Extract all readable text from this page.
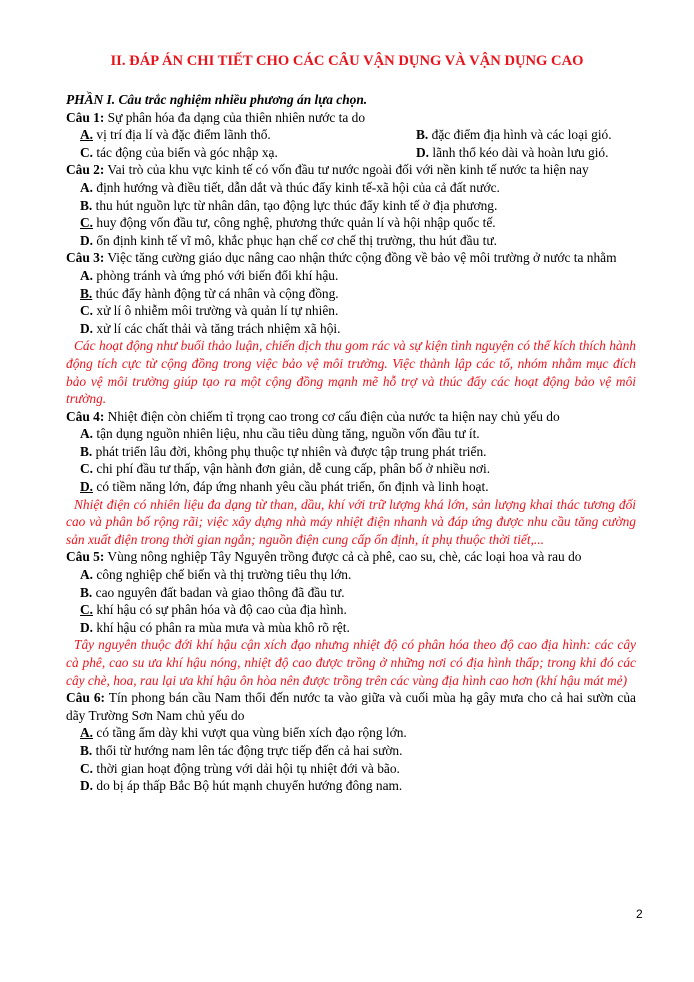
II. ĐÁP ÁN CHI TIẾT CHO CÁC CÂU VẬN DỤNG VÀ VẬN DỤNG CAO

PHẦN I. Câu trắc nghiệm nhiều phương án lựa chọn.

Câu 1: Sự phân hóa đa dạng của thiên nhiên nước ta do

A. vị trí địa lí và đặc điểm lãnh thổ.	B. đặc điểm địa hình và các loại gió.
C. tác động của biển và góc nhập xạ.	D. lãnh thổ kéo dài và hoàn lưu gió.

Câu 2: Vai trò của khu vực kinh tế có vốn đầu tư nước ngoài đối với nền kinh tế nước ta hiện nay

A. định hướng và điều tiết, dẫn dắt và thúc đẩy kinh tế-xã hội của cả đất nước.
B. thu hút nguồn lực từ nhân dân, tạo động lực thúc đẩy kinh tế ở địa phương.
C. huy động vốn đầu tư, công nghệ, phương thức quản lí và hội nhập quốc tế.
D. ổn định kinh tế vĩ mô, khắc phục hạn chế cơ chế thị trường, thu hút đầu tư.

Câu 3: Việc tăng cường giáo dục nâng cao nhận thức cộng đồng về bảo vệ môi trường ở nước ta nhằm

A. phòng tránh và ứng phó với biến đổi khí hậu.
B. thúc đẩy hành động từ cá nhân và cộng đồng.
C. xử lí ô nhiễm môi trường và quản lí tự nhiên.
D. xử lí các chất thải và tăng trách nhiệm xã hội.

Các hoạt động như buổi thảo luận, chiến dịch thu gom rác và sự kiện tình nguyện có thể kích thích hành động tích cực từ cộng đồng trong việc bảo vệ môi trường. Việc thành lập các tổ, nhóm nhằm mục đích bảo vệ môi trường giúp tạo ra một cộng đồng mạnh mẽ hỗ trợ và thúc đẩy các hoạt động bảo vệ môi trường.

Câu 4: Nhiệt điện còn chiếm tỉ trọng cao trong cơ cấu điện của nước ta hiện nay chủ yếu do

A. tận dụng nguồn nhiên liệu, nhu cầu tiêu dùng tăng, nguồn vốn đầu tư ít.
B. phát triển lâu đời, không phụ thuộc tự nhiên và được tập trung phát triển.
C. chi phí đầu tư thấp, vận hành đơn giản, dễ cung cấp, phân bố ở nhiều nơi.
D. có tiềm năng lớn, đáp ứng nhanh yêu cầu phát triển, ổn định và linh hoạt.

Nhiệt điện có nhiên liệu đa dạng từ than, dầu, khí với trữ lượng khá lớn, sản lượng khai thác tương đối cao và phân bố rộng rãi; việc xây dựng nhà máy nhiệt điện nhanh và đáp ứng được nhu cầu tăng cường sản xuất điện trong thời gian ngắn; nguồn điện cung cấp ổn định, ít phụ thuộc thời tiết,...

Câu 5: Vùng nông nghiệp Tây Nguyên trồng được cả cà phê, cao su, chè, các loại hoa và rau do

A. công nghiệp chế biến và thị trường tiêu thụ lớn.
B. cao nguyên đất badan và giao thông đã đầu tư.
C. khí hậu có sự phân hóa và độ cao của địa hình.
D. khí hậu có phân ra mùa mưa và mùa khô rõ rệt.

Tây nguyên thuộc đới khí hậu cận xích đạo nhưng nhiệt độ có phân hóa theo độ cao địa hình: các cây cà phê, cao su ưa khí hậu nóng, nhiệt độ cao được trồng ở những nơi có địa hình thấp; trong khi đó các cây chè, hoa, rau lại ưa khí hậu ôn hòa nên được trồng trên các vùng địa hình cao hơn (khí hậu mát mẻ)

Câu 6: Tín phong bán cầu Nam thổi đến nước ta vào giữa và cuối mùa hạ gây mưa cho cả hai sườn của dãy Trường Sơn Nam chủ yếu do

A. có tầng ẩm dày khi vượt qua vùng biển xích đạo rộng lớn.
B. thổi từ hướng nam lên tác động trực tiếp đến cả hai sườn.
C. thời gian hoạt động trùng với dải hội tụ nhiệt đới và bão.
D. do bị áp thấp Bắc Bộ hút mạnh chuyển hướng đông nam.
2
